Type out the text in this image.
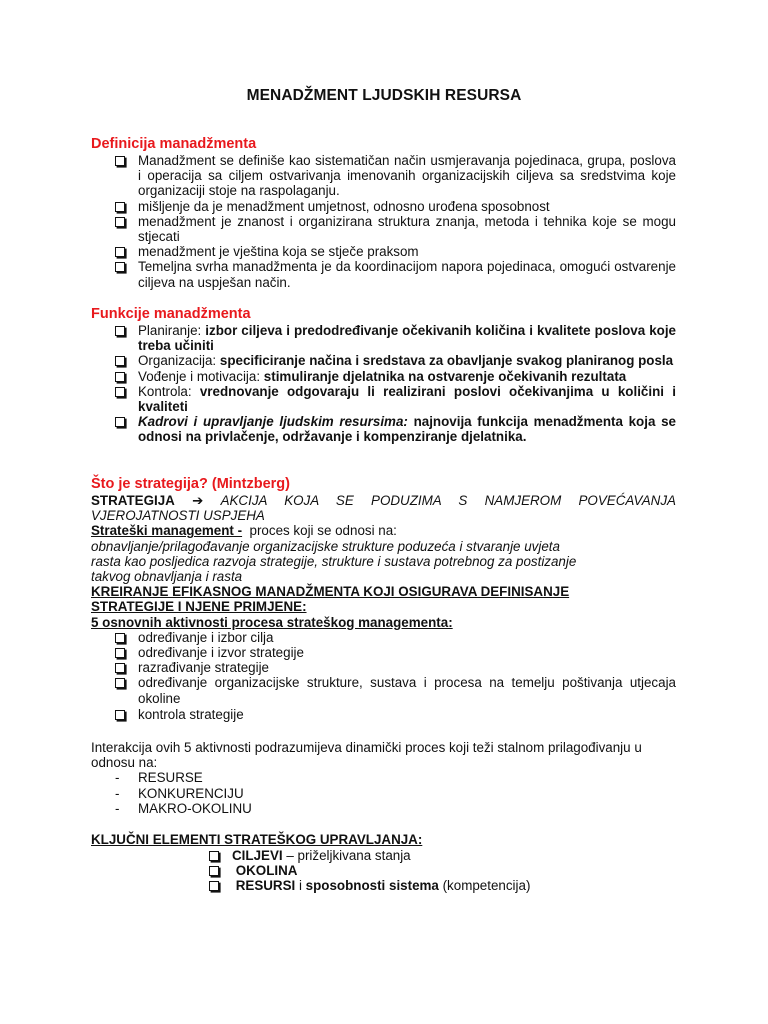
MENADŽMENT LJUDSKIH RESURSA
Definicija manadžmenta
Manadžment se definiše kao sistematičan način usmjeravanja pojedinaca, grupa, poslova i operacija sa ciljem ostvarivanja imenovanih organizacijskih ciljeva sa sredstvima koje organizaciji stoje na raspolaganju.
mišljenje da je menadžment umjetnost, odnosno urođena sposobnost
menadžment je znanost i organizirana struktura znanja, metoda i tehnika koje se mogu stjecati
menadžment je vještina koja se stječe praksom
Temeljna svrha manadžmenta je da koordinacijom napora pojedinaca, omogući ostvarenje ciljeva na uspješan način.
Funkcije manadžmenta
Planiranje: izbor ciljeva i predodređivanje očekivanih količina i kvalitete poslova koje treba učiniti
Organizacija: specificiranje načina i sredstava za obavljanje svakog planiranog posla
Vođenje i motivacija: stimuliranje djelatnika na ostvarenje očekivanih rezultata
Kontrola: vrednovanje odgovaraju li realizirani poslovi očekivanjima u količini i kvaliteti
Kadrovi i upravljanje ljudskim resursima: najnovija funkcija menadžmenta koja se odnosi na privlačenje, održavanje i kompenziranje djelatnika.
Što je strategija? (Mintzberg)
STRATEGIJA ➔ AKCIJA KOJA SE PODUZIMA S NAMJEROM POVEĆAVANJA VJEROJATNOSTI USPJEHA
Strateški management -  proces koji se odnosi na:
obnavljanje/prilagođavanje organizacijske strukture poduzeća i stvaranje uvjeta rasta kao posljedica razvoja strategije, strukture i sustava potrebnog za postizanje takvog obnavljanja i rasta
KREIRANJE EFIKASNOG MANADŽMENTA KOJI OSIGURAVA DEFINISANJE STRATEGIJE I NJENE PRIMJENE:
5 osnovnih aktivnosti procesa strateškog managementa:
određivanje i izbor cilja
određivanje i izvor strategije
razrađivanje strategije
određivanje organizacijske strukture, sustava i procesa na temelju poštivanja utjecaja okoline
kontrola strategije
Interakcija ovih 5 aktivnosti podrazumijeva dinamički proces koji teži stalnom prilagođivanju u odnosu na:
- RESURSE
- KONKURENCIJU
- MAKRO-OKOLINU
KLJUČNI ELEMENTI STRATEŠKOG UPRAVLJANJA:
CILJEVI – priželjkivana stanja
OKOLINA
RESURSI i sposobnosti sistema (kompetencija)
